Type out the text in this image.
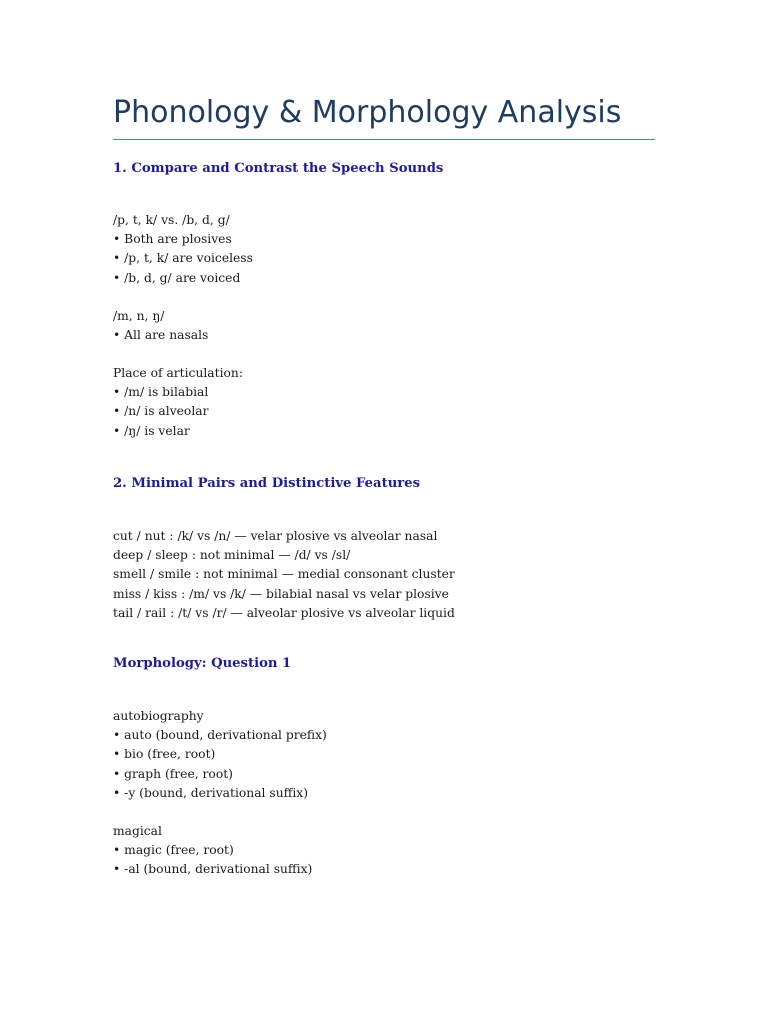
Phonology & Morphology Analysis
1. Compare and Contrast the Speech Sounds
/p, t, k/ vs. /b, d, g/
• Both are plosives
• /p, t, k/ are voiceless
• /b, d, g/ are voiced
/m, n, ŋ/
• All are nasals
Place of articulation:
• /m/ is bilabial
• /n/ is alveolar
• /ŋ/ is velar
2. Minimal Pairs and Distinctive Features
cut / nut : /k/ vs /n/ — velar plosive vs alveolar nasal
deep / sleep : not minimal — /d/ vs /sl/
smell / smile : not minimal — medial consonant cluster
miss / kiss : /m/ vs /k/ — bilabial nasal vs velar plosive
tail / rail : /t/ vs /r/ — alveolar plosive vs alveolar liquid
Morphology: Question 1
autobiography
• auto (bound, derivational prefix)
• bio (free, root)
• graph (free, root)
• -y (bound, derivational suffix)
magical
• magic (free, root)
• -al (bound, derivational suffix)
